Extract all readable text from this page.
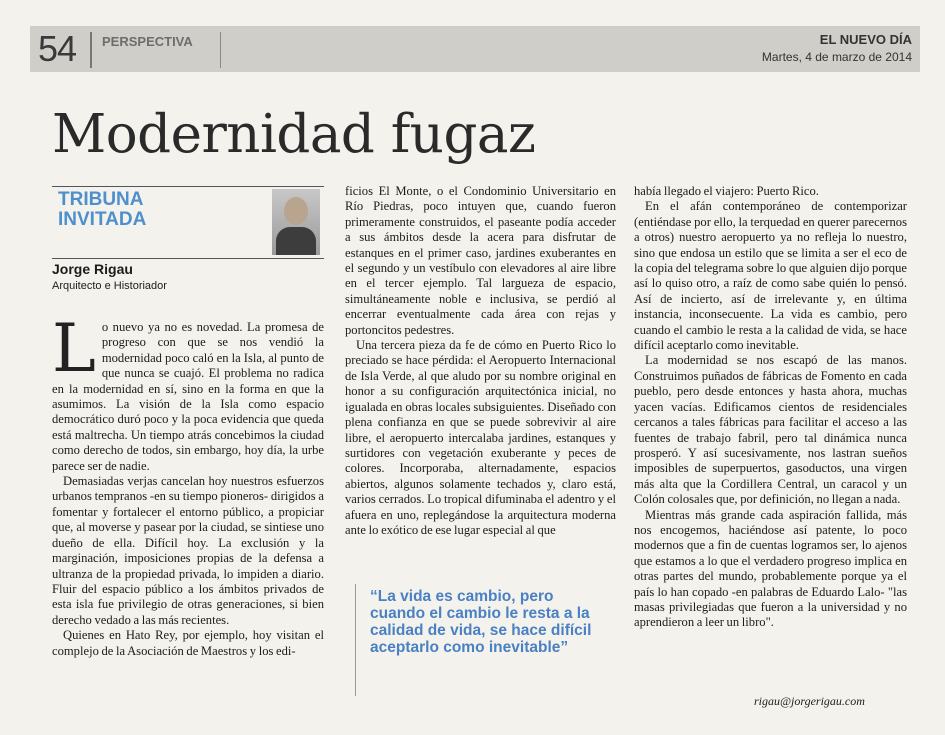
54 PERSPECTIVA	EL NUEVO DÍA
Martes, 4 de marzo de 2014
Modernidad fugaz
TRIBUNA
INVITADA
Jorge Rigau
Arquitecto e Historiador

Lo nuevo ya no es novedad. La promesa de progreso con que se nos vendió la modernidad poco caló en la Isla, al punto de que nunca se cuajó. El problema no radica en la modernidad en sí, sino en la forma en que la asumimos. La visión de la Isla como espacio democrático duró poco y la poca evidencia que queda está maltrecha. Un tiempo atrás concebimos la ciudad como derecho de todos, sin embargo, hoy día, la urbe parece ser de nadie.

Demasiadas verjas cancelan hoy nuestros esfuerzos urbanos tempranos -en su tiempo pioneros- dirigidos a fomentar y fortalecer el entorno público, a propiciar que, al moverse y pasear por la ciudad, se sintiese uno dueño de ella. Difícil hoy. La exclusión y la marginación, imposiciones propias de la defensa a ultranza de la propiedad privada, lo impiden a diario. Fluir del espacio público a los ámbitos privados de esta isla fue privilegio de otras generaciones, si bien derecho vedado a las más recientes.

Quienes en Hato Rey, por ejemplo, hoy visitan el complejo de la Asociación de Maestros y los edi-

ficios El Monte, o el Condominio Universitario en Río Piedras, poco intuyen que, cuando fueron primeramente construidos, el paseante podía acceder a sus ámbitos desde la acera para disfrutar de estanques en el primer caso, jardines exuberantes en el segundo y un vestíbulo con elevadores al aire libre en el tercer ejemplo. Tal largueza de espacio, simultáneamente noble e inclusiva, se perdió al encerrar eventualmente cada área con rejas y portoncitos pedestres.

Una tercera pieza da fe de cómo en Puerto Rico lo preciado se hace pérdida: el Aeropuerto Internacional de Isla Verde, al que aludo por su nombre original en honor a su configuración arquitectónica inicial, no igualada en obras locales subsiguientes. Diseñado con plena confianza en que se puede sobrevivir al aire libre, el aeropuerto intercalaba jardines, estanques y surtidores con vegetación exuberante y peces de colores. Incorporaba, alternadamente, espacios abiertos, algunos solamente techados y, claro está, varios cerrados. Lo tropical difuminaba el adentro y el afuera en uno, replegándose la arquitectura moderna ante lo exótico de ese lugar especial al que

“La vida es cambio, pero cuando el cambio le resta a la calidad de vida, se hace difícil aceptarlo como inevitable”

había llegado el viajero: Puerto Rico.

En el afán contemporáneo de contemporizar (entiéndase por ello, la terquedad en querer parecernos a otros) nuestro aeropuerto ya no refleja lo nuestro, sino que endosa un estilo que se limita a ser el eco de la copia del telegrama sobre lo que alguien dijo porque así lo quiso otro, a raíz de como sabe quién lo pensó. Así de incierto, así de irrelevante y, en última instancia, inconsecuente. La vida es cambio, pero cuando el cambio le resta a la calidad de vida, se hace difícil aceptarlo como inevitable.

La modernidad se nos escapó de las manos. Construimos puñados de fábricas de Fomento en cada pueblo, pero desde entonces y hasta ahora, muchas yacen vacías. Edificamos cientos de residenciales cercanos a tales fábricas para facilitar el acceso a las fuentes de trabajo fabril, pero tal dinámica nunca prosperó. Y así sucesivamente, nos lastran sueños imposibles de superpuertos, gasoductos, una virgen más alta que la Cordillera Central, un caracol y un Colón colosales que, por definición, no llegan a nada.

Mientras más grande cada aspiración fallida, más nos encogemos, haciéndose así patente, lo poco modernos que a fin de cuentas logramos ser, lo ajenos que estamos a lo que el verdadero progreso implica en otras partes del mundo, probablemente porque ya el país lo han copado -en palabras de Eduardo Lalo- "las masas privilegiadas que fueron a la universidad y no aprendieron a leer un libro".

rigau@jorgerigau.com
